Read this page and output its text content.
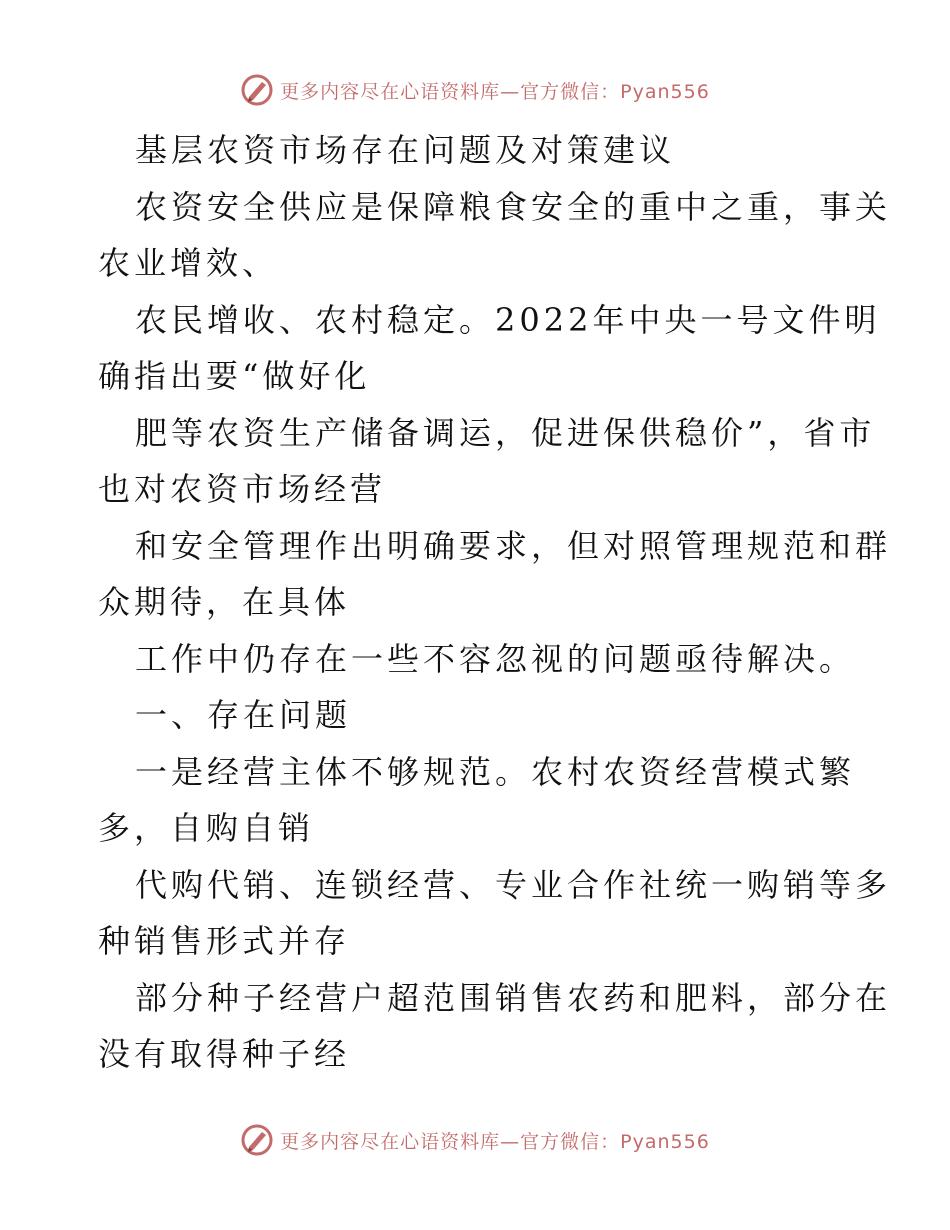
更多内容尽在心语资料库—官方微信：Pyan556
基层农资市场存在问题及对策建议
农资安全供应是保障粮食安全的重中之重，事关
农业增效、
农民增收、农村稳定。2022年中央一号文件明
确指出要“做好化
肥等农资生产储备调运，促进保供稳价”，省市
也对农资市场经营
和安全管理作出明确要求，但对照管理规范和群
众期待，在具体
工作中仍存在一些不容忽视的问题亟待解决。
一、存在问题
一是经营主体不够规范。农村农资经营模式繁
多，自购自销
代购代销、连锁经营、专业合作社统一购销等多
种销售形式并存
部分种子经营户超范围销售农药和肥料，部分在
没有取得种子经
更多内容尽在心语资料库—官方微信：Pyan556
